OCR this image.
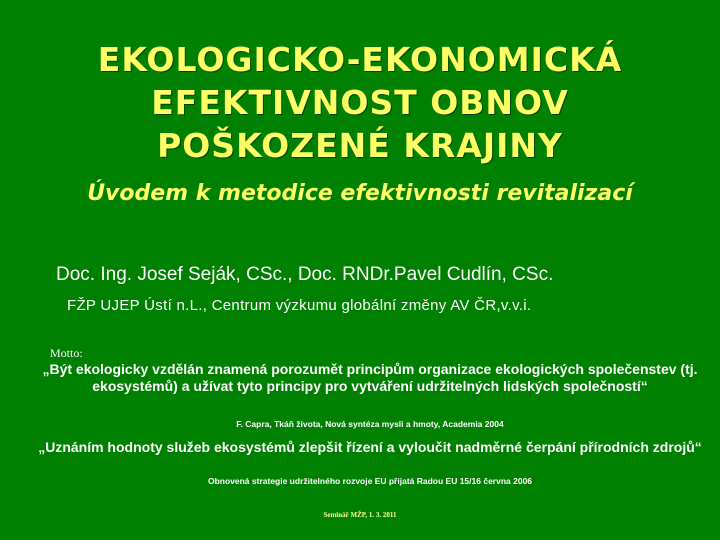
EKOLOGICKO-EKONOMICKÁ
EFEKTIVNOST OBNOV
POŠKOZENÉ KRAJINY
Úvodem k metodice efektivnosti revitalizací
Doc. Ing. Josef Seják, CSc., Doc. RNDr.Pavel Cudlín, CSc.
FŽP UJEP Ústí n.L., Centrum výzkumu globální změny AV ČR,v.v.i.
Motto:
„Být ekologicky vzdělán znamená porozumět principům organizace ekologických společenstev (tj. ekosystémů) a užívat tyto principy pro vytváření udržitelných lidských společností“
F. Capra, Tkáň života, Nová syntéza mysli a hmoty, Academia 2004
„Uznáním hodnoty služeb ekosystémů zlepšit řízení a vyloučit nadměrné čerpání přírodních zdrojů“
Obnovená strategie udržitelného rozvoje EU přijatá Radou EU 15/16 června 2006
Seminář MŽP, 1. 3. 2011
